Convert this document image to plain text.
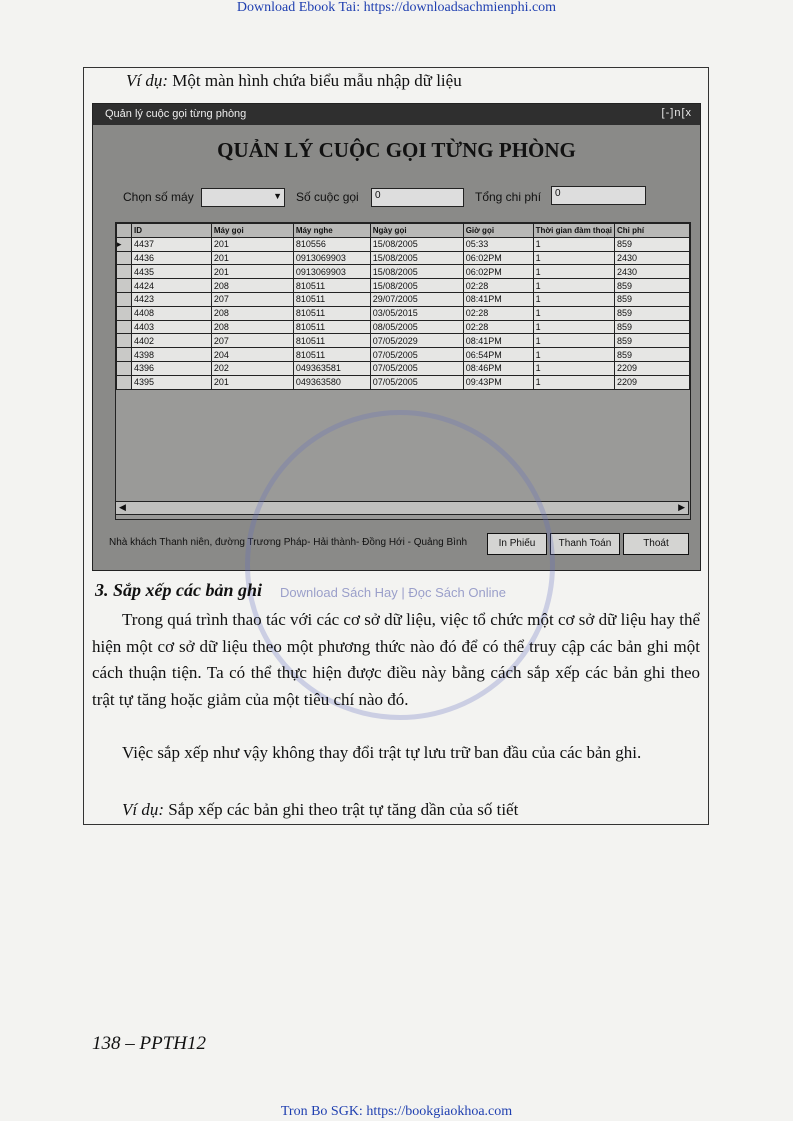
Download Ebook Tai: https://downloadsachmienphi.com
Ví dụ: Một màn hình chứa biểu mẫu nhập dữ liệu
Quản lý cuộc gọi từng phòng	[-]n[x
QUẢN LÝ CUỘC GỌI TỪNG PHÒNG
Chọn số máy	▼ Số cuộc gọi	0	Tổng chi phí	0
	ID	Máy gọi	Máy nghe	Ngày gọi	Giờ gọi	Thời gian đàm thoại	Chi phí
▸	4437	201	810556	15/08/2005	05:33	1	859
	4436	201	0913069903	15/08/2005	06:02PM	1	2430
	4435	201	0913069903	15/08/2005	06:02PM	1	2430
	4424	208	810511	15/08/2005	02:28	1	859
	4423	207	810511	29/07/2005	08:41PM	1	859
	4408	208	810511	03/05/2015	02:28	1	859
	4403	208	810511	08/05/2005	02:28	1	859
	4402	207	810511	07/05/2029	08:41PM	1	859
	4398	204	810511	07/05/2005	06:54PM	1	859
	4396	202	049363581	07/05/2005	08:46PM	1	2209
	4395	201	049363580	07/05/2005	09:43PM	1	2209
◀	▶
Nhà khách Thanh niên, đường Trương Pháp- Hải thành- Đồng Hới - Quảng Bình	In Phiếu	Thanh Toán	Thoát
3. Sắp xếp các bản ghi Download Sách Hay | Đọc Sách Online
Trong quá trình thao tác với các cơ sở dữ liệu, việc tổ chức một cơ sở dữ liệu hay thể hiện một cơ sở dữ liệu theo một phương thức nào đó để có thể truy cập các bản ghi một cách thuận tiện. Ta có thể thực hiện được điều này bằng cách sắp xếp các bản ghi theo trật tự tăng hoặc giảm của một tiêu chí nào đó.
Việc sắp xếp như vậy không thay đổi trật tự lưu trữ ban đầu của các bản ghi.
Ví dụ: Sắp xếp các bản ghi theo trật tự tăng dần của số tiết
138 – PPTH12
Tron Bo SGK: https://bookgiaokhoa.com
